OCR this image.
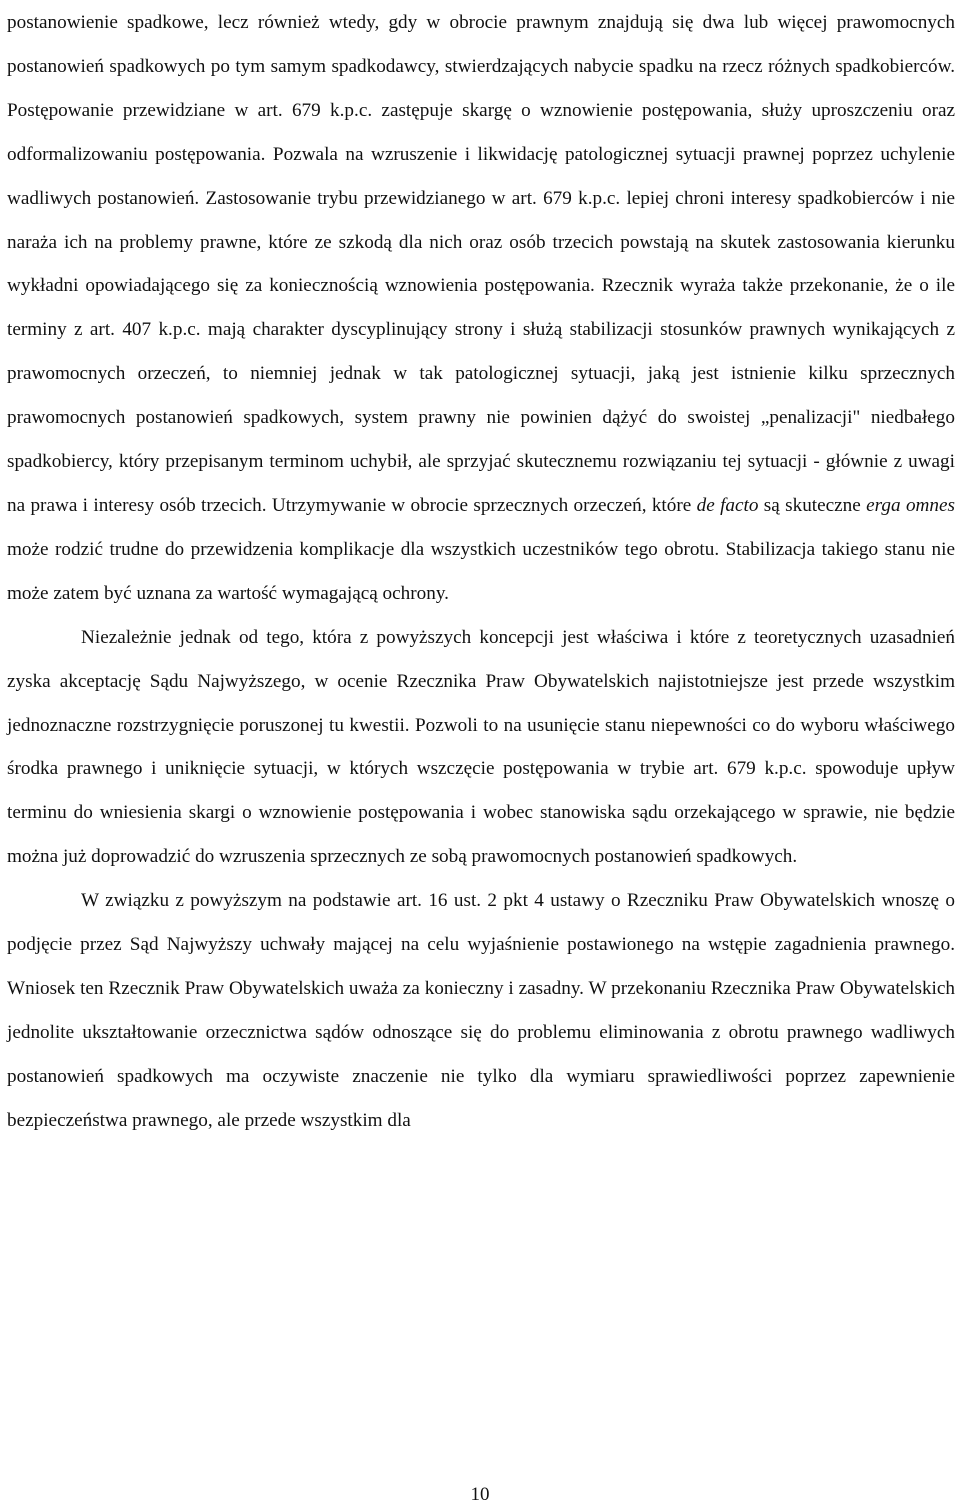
postanowienie spadkowe, lecz również wtedy, gdy w obrocie prawnym znajdują się dwa lub więcej prawomocnych postanowień spadkowych po tym samym spadkodawcy, stwierdzających nabycie spadku na rzecz różnych spadkobierców. Postępowanie przewidziane w art. 679 k.p.c. zastępuje skargę o wznowienie postępowania, służy uproszczeniu oraz odformalizowaniu postępowania. Pozwala na wzruszenie i likwidację patologicznej sytuacji prawnej poprzez uchylenie wadliwych postanowień. Zastosowanie trybu przewidzianego w art. 679 k.p.c. lepiej chroni interesy spadkobierców i nie naraża ich na problemy prawne, które ze szkodą dla nich oraz osób trzecich powstają na skutek zastosowania kierunku wykładni opowiadającego się za koniecznością wznowienia postępowania. Rzecznik wyraża także przekonanie, że o ile terminy z art. 407 k.p.c. mają charakter dyscyplinujący strony i służą stabilizacji stosunków prawnych wynikających z prawomocnych orzeczeń, to niemniej jednak w tak patologicznej sytuacji, jaką jest istnienie kilku sprzecznych prawomocnych postanowień spadkowych, system prawny nie powinien dążyć do swoistej „penalizacji" niedbałego spadkobiercy, który przepisanym terminom uchybił, ale sprzyjać skutecznemu rozwiązaniu tej sytuacji - głównie z uwagi na prawa i interesy osób trzecich. Utrzymywanie w obrocie sprzecznych orzeczeń, które de facto są skuteczne erga omnes może rodzić trudne do przewidzenia komplikacje dla wszystkich uczestników tego obrotu. Stabilizacja takiego stanu nie może zatem być uznana za wartość wymagającą ochrony.

Niezależnie jednak od tego, która z powyższych koncepcji jest właściwa i które z teoretycznych uzasadnień zyska akceptację Sądu Najwyższego, w ocenie Rzecznika Praw Obywatelskich najistotniejsze jest przede wszystkim jednoznaczne rozstrzygnięcie poruszonej tu kwestii. Pozwoli to na usunięcie stanu niepewności co do wyboru właściwego środka prawnego i uniknięcie sytuacji, w których wszczęcie postępowania w trybie art. 679 k.p.c. spowoduje upływ terminu do wniesienia skargi o wznowienie postępowania i wobec stanowiska sądu orzekającego w sprawie, nie będzie można już doprowadzić do wzruszenia sprzecznych ze sobą prawomocnych postanowień spadkowych.

W związku z powyższym na podstawie art. 16 ust. 2 pkt 4 ustawy o Rzeczniku Praw Obywatelskich wnoszę o podjęcie przez Sąd Najwyższy uchwały mającej na celu wyjaśnienie postawionego na wstępie zagadnienia prawnego. Wniosek ten Rzecznik Praw Obywatelskich uważa za konieczny i zasadny. W przekonaniu Rzecznika Praw Obywatelskich jednolite ukształtowanie orzecznictwa sądów odnoszące się do problemu eliminowania z obrotu prawnego wadliwych postanowień spadkowych ma oczywiste znaczenie nie tylko dla wymiaru sprawiedliwości poprzez zapewnienie bezpieczeństwa prawnego, ale przede wszystkim dla

10
